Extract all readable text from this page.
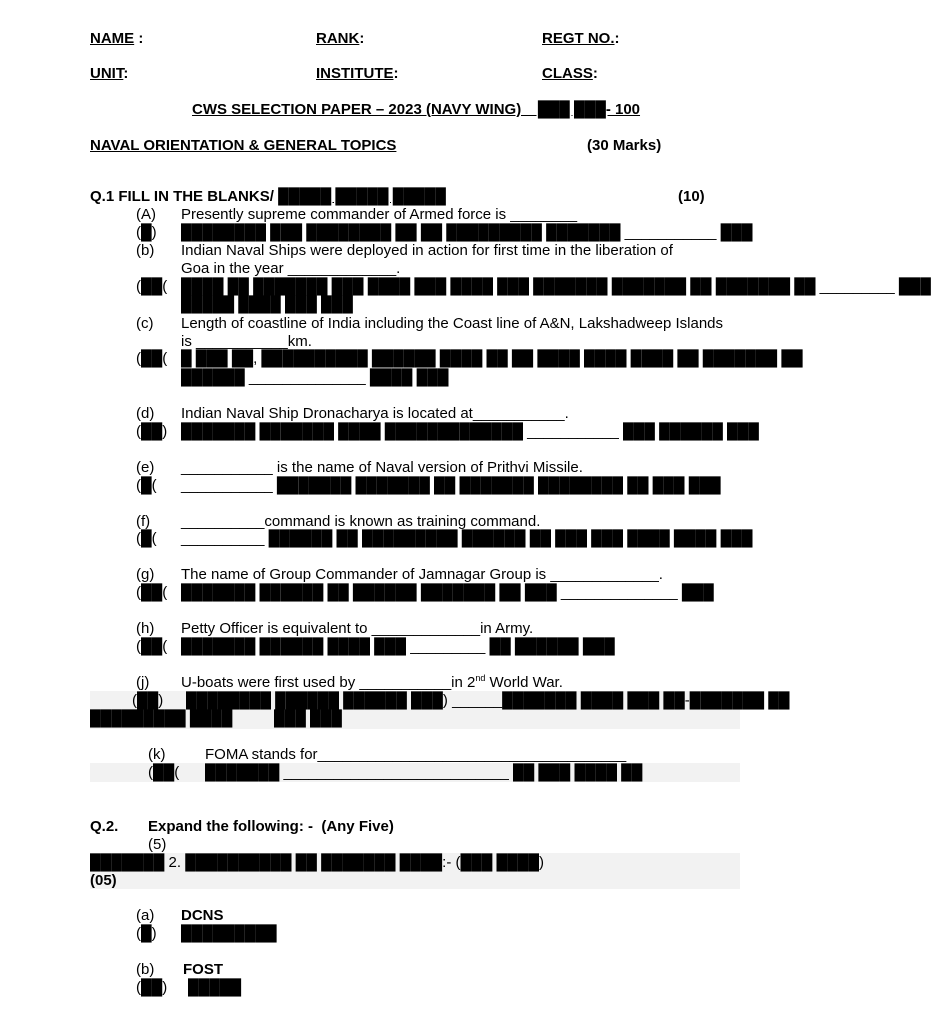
NAME :	RANK:	REGT NO.:
UNIT:	INSTITUTE:	CLASS:
CWS SELECTION PAPER – 2023 (NAVY WING)    ███ ███- 100
NAVAL ORIENTATION & GENERAL TOPICS	(30 Marks)
Q.1 FILL IN THE BLANKS/ █████ █████ █████	(10)
(A) Presently supreme commander of Armed force is ________
(█) ████████ ███ ████████ ██ ██ █████████ ███████ ___________ ███
(b) Indian Naval Ships were deployed in action for first time in the liberation of
Goa in the year _____________.
(██( ████ ██ ███████ ███ ████ ███ ████ ███ ███████ ███████ ██ ███████ ██ _________ ███
█████ ████ ███ ███
(c) Length of coastline of India including the Coast line of A&N, Lakshadweep Islands
is ___________km.
(██( █ ███ ██, ██████████ ██████ ████ ██ ██ ████ ████ ████ ██ ███████ ██
██████ ______________ ████ ███
(d) Indian Naval Ship Dronacharya is located at___________.
(██) ███████ ███████ ████ █████████████ ___________ ███ ██████ ███
(e) ___________ is the name of Naval version of Prithvi Missile.
(█( ___________ ███████ ███████ ██ ███████ ████████ ██ ███ ███
(f) __________command is known as training command.
(█( __________ ██████ ██ █████████ ██████ ██ ███ ███ ████ ████ ███
(g) The name of Group Commander of Jamnagar Group is _____________.
(██( ███████ ██████ ██ ██████ ███████ ██ ███ ______________ ███
(h) Petty Officer is equivalent to _____________in Army.
(██( ███████ ██████ ████ ███ _________ ██ ██████ ███
(j) U-boats were first used by ___________in 2nd World War.
(██) ████████ ██████ ██████ ███) ______███████ ████ ███ ██-███████ ██
█████████ ████          ███ ███
(k)	FOMA stands for_____________________________________
(██( ███████ ___________________________ ██ ███ ████ ██
Q.2. Expand the following: -  (Any Five)
(5)
███████ 2. ██████████ ██ ███████ ████:- (███ ████)
(05)
(a) DCNS
(█) █████████
(b) FOST
(██) █████
